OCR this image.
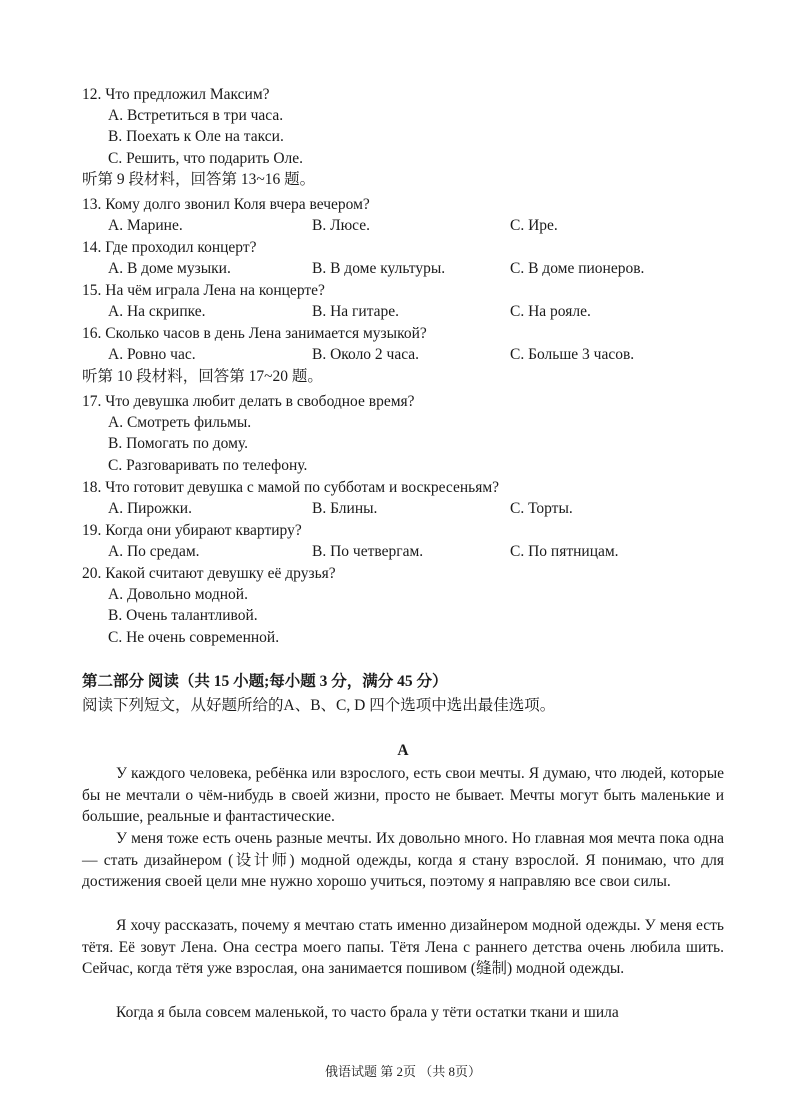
12. Что предложил Максим?
A. Встретиться в три часа.
B. Поехать к Оле на такси.
C. Решить, что подарить Оле.
听第 9 段材料，回答第 13~16 题。
13. Кому долго звонил Коля вчера вечером?
A. Марине.	B. Люсе.	C. Ире.
14. Где проходил концерт?
A. В доме музыки.	B. В доме культуры.	C. В доме пионеров.
15. На чём играла Лена на концерте?
A. На скрипке.	B. На гитаре.	C. На рояле.
16. Сколько часов в день Лена занимается музыкой?
A. Ровно час.	B. Около 2 часа.	C. Больше 3 часов.
听第 10 段材料，回答第 17~20 题。
17. Что девушка любит делать в свободное время?
A. Смотреть фильмы.
B. Помогать по дому.
C. Разговаривать по телефону.
18. Что готовит девушка с мамой по субботам и воскресеньям?
A. Пирожки.	B. Блины.	C. Торты.
19. Когда они убирают квартиру?
A. По средам.	B. По четвергам.	C. По пятницам.
20. Какой считают девушку её друзья?
A. Довольно модной.
B. Очень талантливой.
C. Не очень современной.
第二部分 阅读（共 15 小题;每小题 3 分，满分 45 分）
阅读下列短文，从好题所给的A、B、C, D 四个选项中选出最佳选项。
A
У каждого человека, ребёнка или взрослого, есть свои мечты. Я думаю, что людей, которые бы не мечтали о чём-нибудь в своей жизни, просто не бывает. Мечты могут быть маленькие и большие, реальные и фантастические.
У меня тоже есть очень разные мечты. Их довольно много. Но главная моя мечта пока одна — стать дизайнером (设计师) модной одежды, когда я стану взрослой. Я понимаю, что для достижения своей цели мне нужно хорошо учиться, поэтому я направляю все свои силы.
Я хочу рассказать, почему я мечтаю стать именно дизайнером модной одежды. У меня есть тётя. Её зовут Лена. Она сестра моего папы. Тётя Лена с раннего детства очень любила шить. Сейчас, когда тётя уже взрослая, она занимается пошивом (缝制) модной одежды.
Когда я была совсем маленькой, то часто брала у тёти остатки ткани и шила
俄语试题 第 2页 （共 8页）
